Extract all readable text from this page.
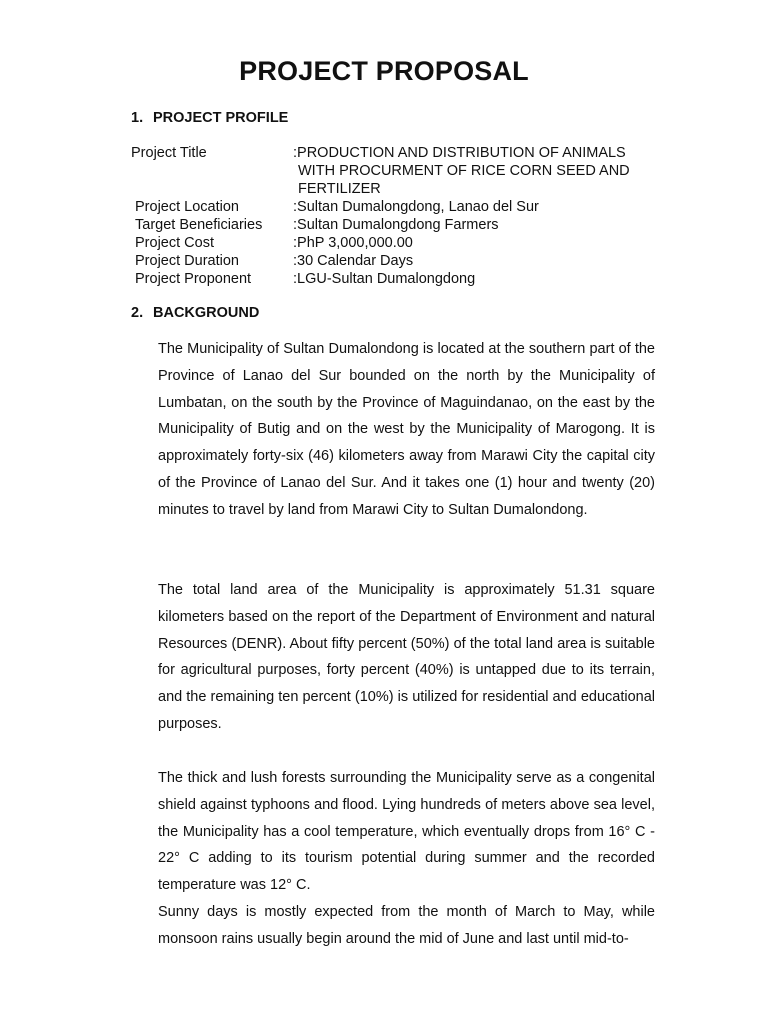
PROJECT PROPOSAL
1. PROJECT PROFILE
Project Title	:PRODUCTION AND DISTRIBUTION OF ANIMALS
WITH PROCURMENT OF RICE CORN SEED AND
FERTILIZER
Project Location	:Sultan Dumalongdong, Lanao del Sur
Target Beneficiaries	:Sultan Dumalongdong Farmers
Project Cost	:PhP 3,000,000.00
Project Duration	:30 Calendar Days
Project Proponent	:LGU-Sultan Dumalongdong
2. BACKGROUND

The Municipality of Sultan Dumalondong is located at the southern part of the Province of Lanao del Sur bounded on the north by the Municipality of Lumbatan, on the south by the Province of Maguindanao, on the east by the Municipality of Butig and on the west by the Municipality of Marogong. It is approximately forty-six (46) kilometers away from Marawi City the capital city of the Province of Lanao del Sur. And it takes one (1) hour and twenty (20) minutes to travel by land from Marawi City to Sultan Dumalondong.

The total land area of the Municipality is approximately 51.31 square kilometers based on the report of the Department of Environment and natural Resources (DENR). About fifty percent (50%) of the total land area is suitable for agricultural purposes, forty percent (40%) is untapped due to its terrain, and the remaining ten percent (10%) is utilized for residential and educational purposes.

The thick and lush forests surrounding the Municipality serve as a congenital shield against typhoons and flood. Lying hundreds of meters above sea level, the Municipality has a cool temperature, which eventually drops from 16° C - 22° C adding to its tourism potential during summer and the recorded temperature was 12° C.

Sunny days is mostly expected from the month of March to May, while monsoon rains usually begin around the mid of June and last until mid-to-
